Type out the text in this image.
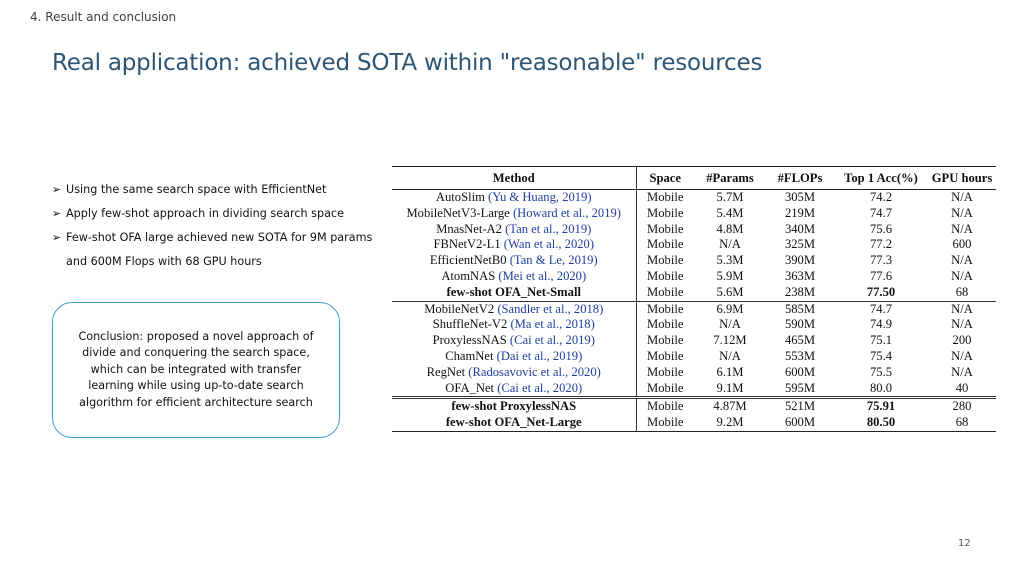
4. Result and conclusion
Real application: achieved SOTA within "reasonable" resources
➢ Using the same search space with EfficientNet
➢ Apply few-shot approach in dividing search space
➢ Few-shot OFA large achieved new SOTA for 9M params and 600M Flops with 68 GPU hours
Conclusion: proposed a novel approach of divide and conquering the search space, which can be integrated with transfer learning while using up-to-date search algorithm for efficient architecture search
Method	Space	#Params	#FLOPs	Top 1 Acc(%)	GPU hours
AutoSlim (Yu & Huang, 2019)	Mobile	5.7M	305M	74.2	N/A
MobileNetV3-Large (Howard et al., 2019)	Mobile	5.4M	219M	74.7	N/A
MnasNet-A2 (Tan et al., 2019)	Mobile	4.8M	340M	75.6	N/A
FBNetV2-L1 (Wan et al., 2020)	Mobile	N/A	325M	77.2	600
EfficientNetB0 (Tan & Le, 2019)	Mobile	5.3M	390M	77.3	N/A
AtomNAS (Mei et al., 2020)	Mobile	5.9M	363M	77.6	N/A
few-shot OFA_Net-Small	Mobile	5.6M	238M	77.50	68
MobileNetV2 (Sandler et al., 2018)	Mobile	6.9M	585M	74.7	N/A
ShuffleNet-V2 (Ma et al., 2018)	Mobile	N/A	590M	74.9	N/A
ProxylessNAS (Cai et al., 2019)	Mobile	7.12M	465M	75.1	200
ChamNet (Dai et al., 2019)	Mobile	N/A	553M	75.4	N/A
RegNet (Radosavovic et al., 2020)	Mobile	6.1M	600M	75.5	N/A
OFA_Net (Cai et al., 2020)	Mobile	9.1M	595M	80.0	40
few-shot ProxylessNAS	Mobile	4.87M	521M	75.91	280
few-shot OFA_Net-Large	Mobile	9.2M	600M	80.50	68
12
